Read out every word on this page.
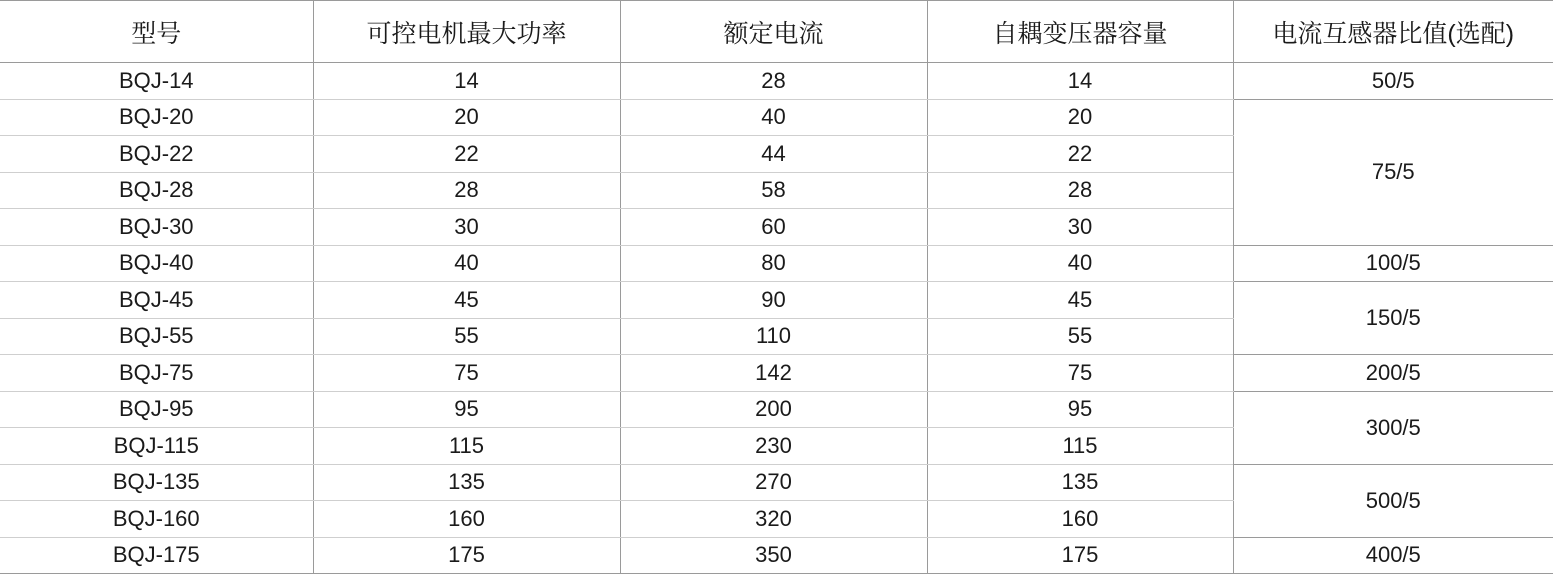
型号	可控电机最大功率	额定电流	自耦变压器容量	电流互感器比值(选配)
BQJ-14	14	28	14	50/5
BQJ-20	20	40	20	75/5
BQJ-22	22	44	22	
BQJ-28	28	58	28	
BQJ-30	30	60	30	
BQJ-40	40	80	40	100/5
BQJ-45	45	90	45	150/5
BQJ-55	55	110	55	
BQJ-75	75	142	75	200/5
BQJ-95	95	200	95	300/5
BQJ-115	115	230	115	
BQJ-135	135	270	135	500/5
BQJ-160	160	320	160	
BQJ-175	175	350	175	400/5
